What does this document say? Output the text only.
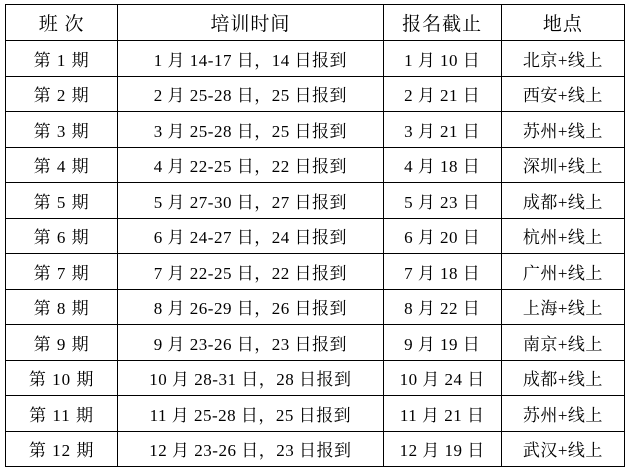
班 次	培训时间	报名截止	地点
第 1 期	1 月 14-17 日，14 日报到	1 月 10 日	北京+线上
第 2 期	2 月 25-28 日，25 日报到	2 月 21 日	西安+线上
第 3 期	3 月 25-28 日，25 日报到	3 月 21 日	苏州+线上
第 4 期	4 月 22-25 日，22 日报到	4 月 18 日	深圳+线上
第 5 期	5 月 27-30 日，27 日报到	5 月 23 日	成都+线上
第 6 期	6 月 24-27 日，24 日报到	6 月 20 日	杭州+线上
第 7 期	7 月 22-25 日，22 日报到	7 月 18 日	广州+线上
第 8 期	8 月 26-29 日，26 日报到	8 月 22 日	上海+线上
第 9 期	9 月 23-26 日，23 日报到	9 月 19 日	南京+线上
第 10 期	10 月 28-31 日，28 日报到	10 月 24 日	成都+线上
第 11 期	11 月 25-28 日，25 日报到	11 月 21 日	苏州+线上
第 12 期	12 月 23-26 日，23 日报到	12 月 19 日	武汉+线上
